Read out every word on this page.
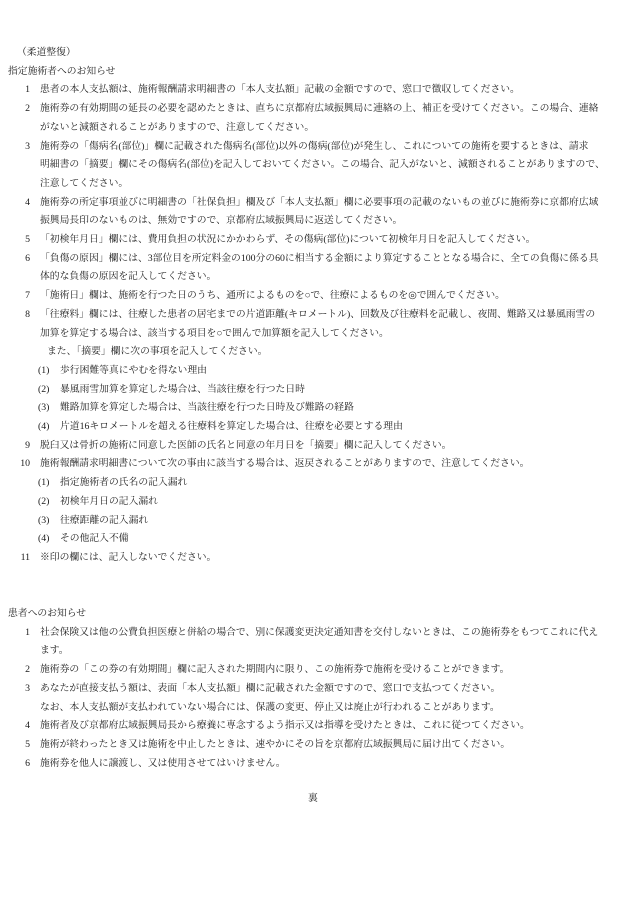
（柔道整復）
指定施術者へのお知らせ
1	患者の本人支払額は、施術報酬請求明細書の「本人支払額」記載の金額ですので、窓口で徴収してください。
2	施術券の有効期間の延長の必要を認めたときは、直ちに京都府広域振興局に連絡の上、補正を受けてください。この場合、連絡
がないと減額されることがありますので、注意してください。
3	施術券の「傷病名(部位)」欄に記載された傷病名(部位)以外の傷病(部位)が発生し、これについての施術を要するときは、請求
明細書の「摘要」欄にその傷病名(部位)を記入しておいてください。この場合、記入がないと、減額されることがありますので、
注意してください。
4	施術券の所定事項並びに明細書の「社保負担」欄及び「本人支払額」欄に必要事項の記載のないもの並びに施術券に京都府広域
振興局長印のないものは、無効ですので、京都府広域振興局に返送してください。
5	「初検年月日」欄には、費用負担の状況にかかわらず、その傷病(部位)について初検年月日を記入してください。
6	「負傷の原因」欄には、3部位目を所定料金の100分の60に相当する金額により算定することとなる場合に、全ての負傷に係る具
体的な負傷の原因を記入してください。
7	「施術日」欄は、施術を行つた日のうち、通所によるものを○で、往療によるものを◎で囲んでください。
8	「往療料」欄には、往療した患者の居宅までの片道距離(キロメートル)、回数及び往療料を記載し、夜間、難路又は暴風雨雪の
加算を算定する場合は、該当する項目を○で囲んで加算額を記入してください。
また、「摘要」欄に次の事項を記入してください。
(1)	歩行困難等真にやむを得ない理由
(2)	暴風雨雪加算を算定した場合は、当該往療を行つた日時
(3)	難路加算を算定した場合は、当該往療を行つた日時及び難路の経路
(4)	片道16キロメートルを超える往療料を算定した場合は、往療を必要とする理由
9	脱臼又は骨折の施術に同意した医師の氏名と同意の年月日を「摘要」欄に記入してください。
10	施術報酬請求明細書について次の事由に該当する場合は、返戻されることがありますので、注意してください。
(1)	指定施術者の氏名の記入漏れ
(2)	初検年月日の記入漏れ
(3)	往療距離の記入漏れ
(4)	その他記入不備
11	※印の欄には、記入しないでください。
患者へのお知らせ
1	社会保険又は他の公費負担医療と併給の場合で、別に保護変更決定通知書を交付しないときは、この施術券をもつてこれに代え
ます。
2	施術券の「この券の有効期間」欄に記入された期間内に限り、この施術券で施術を受けることができます。
3	あなたが直接支払う額は、表面「本人支払額」欄に記載された金額ですので、窓口で支払つてください。
なお、本人支払額が支払われていない場合には、保護の変更、停止又は廃止が行われることがあります。
4	施術者及び京都府広域振興局長から療養に専念するよう指示又は指導を受けたときは、これに従つてください。
5	施術が終わったとき又は施術を中止したときは、速やかにその旨を京都府広域振興局に届け出てください。
6	施術券を他人に譲渡し、又は使用させてはいけません。
裏
